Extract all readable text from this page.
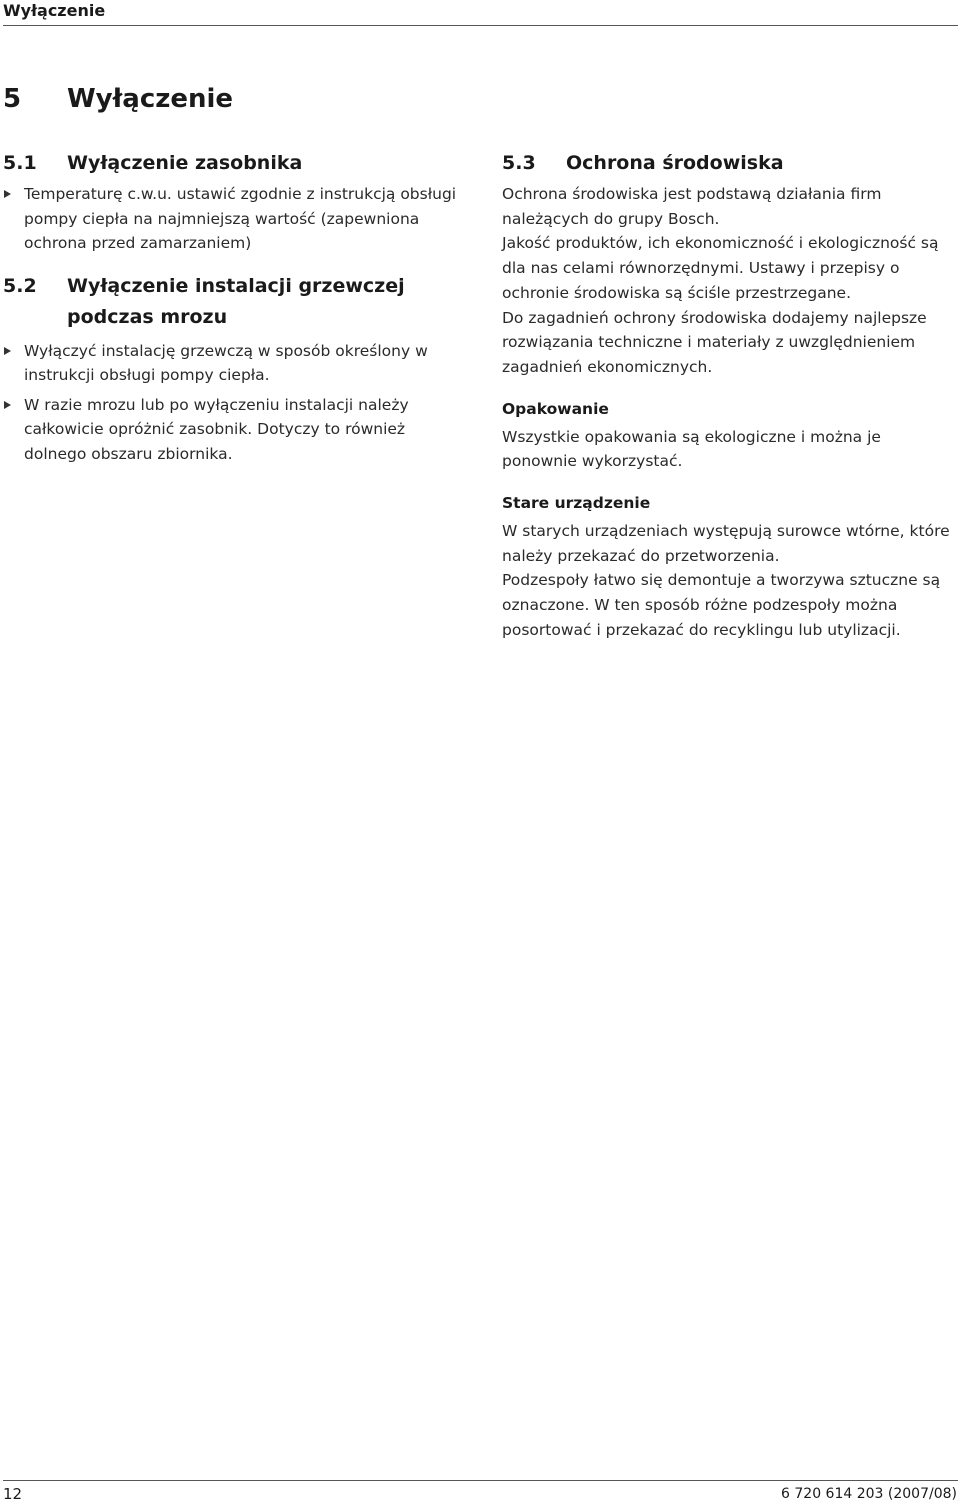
Wyłączenie
5 Wyłączenie
5.1	Wyłączenie zasobnika
Temperaturę c.w.u. ustawić zgodnie z instrukcją obsługi pompy ciepła na najmniejszą wartość (zapewniona ochrona przed zamarzaniem)
5.2	Wyłączenie instalacji grzewczej podczas mrozu
Wyłączyć instalację grzewczą w sposób określony w instrukcji obsługi pompy ciepła.
W razie mrozu lub po wyłączeniu instalacji należy całkowicie opróżnić zasobnik. Dotyczy to również dolnego obszaru zbiornika.
5.3	Ochrona środowiska

Ochrona środowiska jest podstawą działania firm należących do grupy Bosch.

Jakość produktów, ich ekonomiczność i ekologiczność są dla nas celami równorzędnymi. Ustawy i przepisy o ochronie środowiska są ściśle przestrzegane.

Do zagadnień ochrony środowiska dodajemy najlepsze rozwiązania techniczne i materiały z uwzględnieniem zagadnień ekonomicznych.

Opakowanie

Wszystkie opakowania są ekologiczne i można je ponownie wykorzystać.

Stare urządzenie

W starych urządzeniach występują surowce wtórne, które należy przekazać do przetworzenia.

Podzespoły łatwo się demontuje a tworzywa sztuczne są oznaczone. W ten sposób różne podzespoły można posortować i przekazać do recyklingu lub utylizacji.

12	6 720 614 203 (2007/08)
